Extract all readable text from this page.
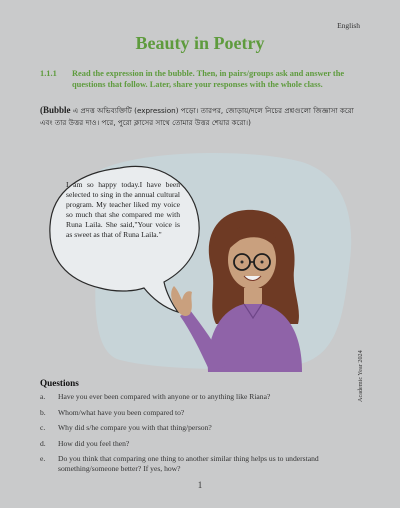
English
Beauty in Poetry
1.1.1 Read the expression in the bubble. Then, in pairs/groups ask and answer the questions that follow. Later, share your responses with the whole class.
(Bubble এ প্রদত্ত অভিব্যক্তিটি (expression) পড়ো। তারপর, জোড়ায়/দলে নিচের প্রশ্নগুলো জিজ্ঞাসা করো এবং তার উত্তর দাও। পরে, পুরো ক্লাসের সাথে তোমার উত্তর শেয়ার করো।)
I am so happy today.I have been selected to sing in the annual cultural program. My teacher liked my voice so much that she compared me with Runa Laila. She said,"Your voice is as sweet as that of Runa Laila."
Questions
a. Have you ever been compared with anyone or to anything like Riana?
b. Whom/what have you been compared to?
c. Why did s/he compare you with that thing/person?
d. How did you feel then?
e. Do you think that comparing one thing to another similar thing helps us to understand something/someone better? If yes, how?
1
Academic Year 2024
